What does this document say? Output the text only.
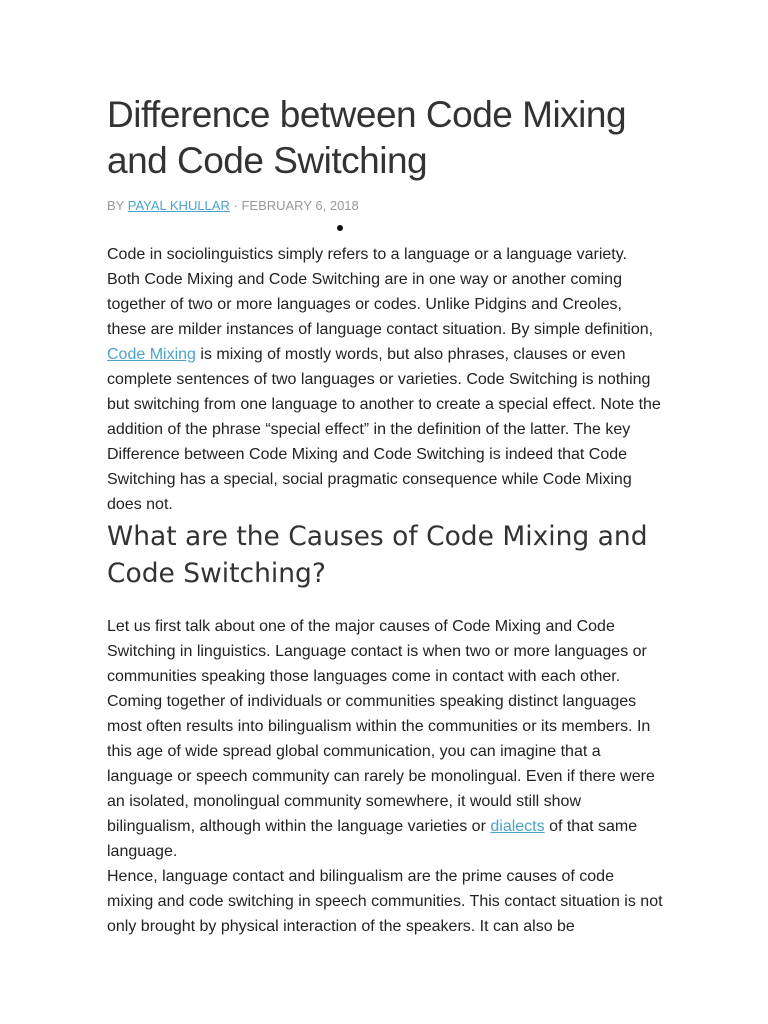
Difference between Code Mixing and Code Switching
BY PAYAL KHULLAR · FEBRUARY 6, 2018

Code in sociolinguistics simply refers to a language or a language variety. Both Code Mixing and Code Switching are in one way or another coming together of two or more languages or codes. Unlike Pidgins and Creoles, these are milder instances of language contact situation. By simple definition, Code Mixing is mixing of mostly words, but also phrases, clauses or even complete sentences of two languages or varieties. Code Switching is nothing but switching from one language to another to create a special effect. Note the addition of the phrase “special effect” in the definition of the latter. The key Difference between Code Mixing and Code Switching is indeed that Code Switching has a special, social pragmatic consequence while Code Mixing does not.

What are the Causes of Code Mixing and Code Switching?

Let us first talk about one of the major causes of Code Mixing and Code Switching in linguistics. Language contact is when two or more languages or communities speaking those languages come in contact with each other. Coming together of individuals or communities speaking distinct languages most often results into bilingualism within the communities or its members. In this age of wide spread global communication, you can imagine that a language or speech community can rarely be monolingual. Even if there were an isolated, monolingual community somewhere, it would still show bilingualism, although within the language varieties or dialects of that same language.

Hence, language contact and bilingualism are the prime causes of code mixing and code switching in speech communities. This contact situation is not only brought by physical interaction of the speakers. It can also be
